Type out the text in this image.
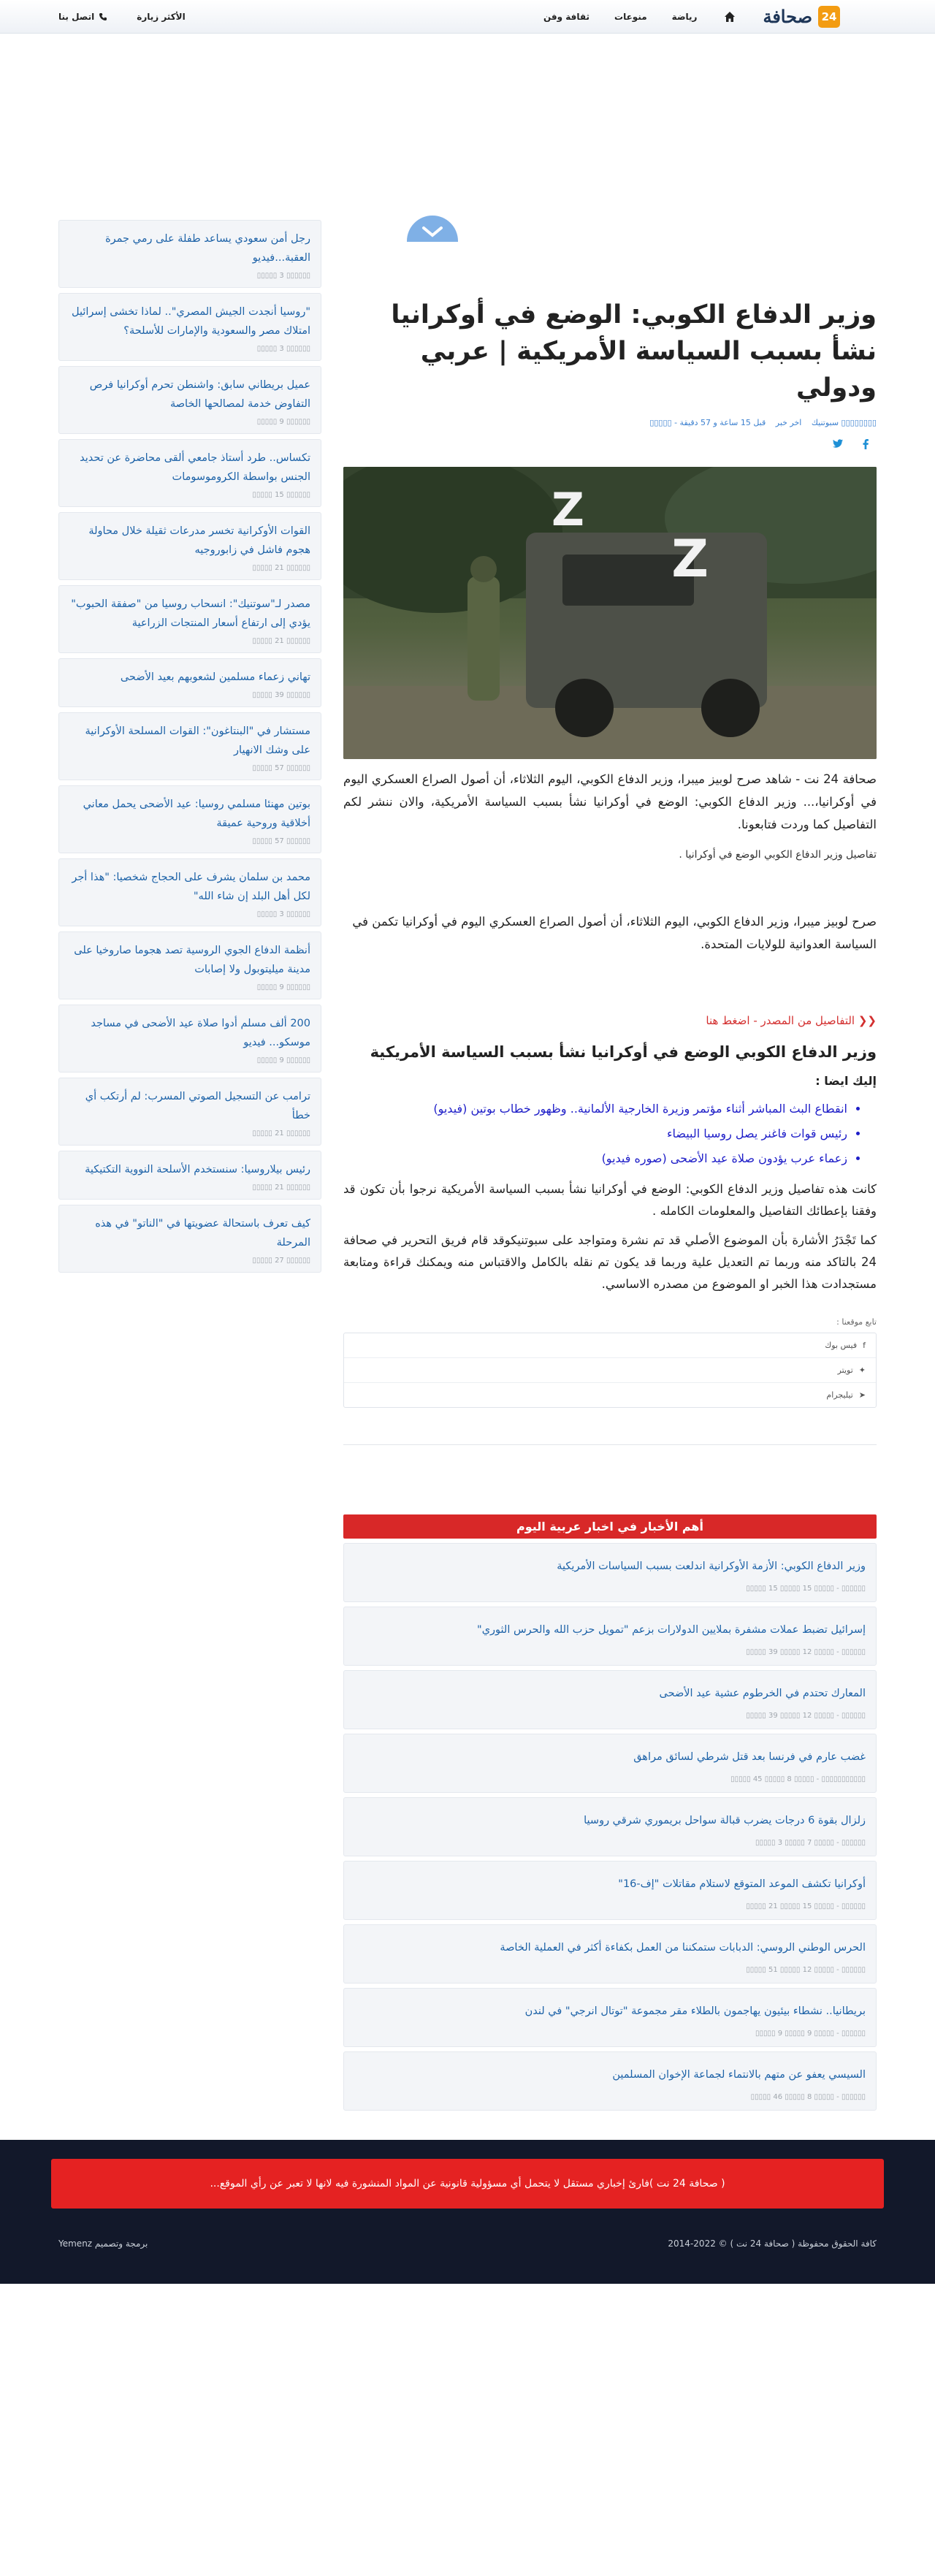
24
صحافة
رياضة
منوعات
ثقافة وفن
الأكثر زيارة
اتصل بنا
وزير الدفاع الكوبي: الوضع في أوكرانيا نشأ بسبب السياسة الأمريكية | عربي ودولي
▯▯▯▯▯▯▯▯ سبوتنيك اخر خبر قبل 15 ساعة و 57 دقيقة - ▯▯▯▯▯
Z
Z

صحافة 24 نت - شاهد صرح لوبيز ميبرا، وزير الدفاع الكوبي، اليوم الثلاثاء، أن أصول الصراع العسكري اليوم في أوكرانيا،... وزير الدفاع الكوبي: الوضع في أوكرانيا نشأ بسبب السياسة الأمريكية، والان ننشر لكم التفاصيل كما وردت فتابعونا.

تفاصيل وزير الدفاع الكوبي الوضع في أوكرانيا .

صرح لوبيز ميبرا، وزير الدفاع الكوبي، اليوم الثلاثاء، أن أصول الصراع العسكري اليوم في أوكرانيا تكمن في السياسة العدوانية للولايات المتحدة.

❮❮ التفاصيل من المصدر - اضغط هنا
وزير الدفاع الكوبي الوضع في أوكرانيا نشأ بسبب السياسة الأمريكية

إليك ايضا :

• انقطاع البث المباشر أثناء مؤتمر وزيرة الخارجية الألمانية.. وظهور خطاب بوتين (فيديو)
• رئيس قوات فاغنر يصل روسيا البيضاء
• زعماء عرب يؤدون صلاة عيد الأضحى (صوره فيديو)

كانت هذه تفاصيل وزير الدفاع الكوبي: الوضع في أوكرانيا نشأ بسبب السياسة الأمريكية نرجوا بأن تكون قد وفقنا بإعطائك التفاصيل والمعلومات الكامله .

كما تَجْدَرُ الأشارة بأن الموضوع الأصلي قد تم نشرة ومتواجد على سبوتنيكوقد قام فريق التحرير في صحافة 24 بالتاكد منه وربما تم التعديل علية وربما قد يكون تم نقله بالكامل والاقتباس منه ويمكنك قراءة ومتابعة مستجدادت هذا الخبر او الموضوع من مصدره الاساسي.

تابع موقعنا :

f
فيس بوك
✦
تويتر
➤
تيليجرام
أهم الأخبار في اخبار عربية اليوم
وزير الدفاع الكوبي: الأزمة الأوكرانية اندلعت بسبب السياسات الأمريكية
▯▯▯▯▯▯ - ▯▯▯▯▯ 15 ▯▯▯▯▯ 15 ▯▯▯▯▯
إسرائيل تضبط عملات مشفرة بملايين الدولارات بزعم "تمويل حزب الله والحرس الثوري"
▯▯▯▯▯▯ - ▯▯▯▯▯ 12 ▯▯▯▯▯ 39 ▯▯▯▯▯
المعارك تحتدم في الخرطوم عشية عيد الأضحى
▯▯▯▯▯▯ - ▯▯▯▯▯ 12 ▯▯▯▯▯ 39 ▯▯▯▯▯
غضب عارم في فرنسا بعد قتل شرطي لسائق مراهق
▯▯▯▯▯▯▯▯▯▯▯ - ▯▯▯▯▯ 8 ▯▯▯▯▯ 45 ▯▯▯▯▯
زلزال بقوة 6 درجات يضرب قبالة سواحل بريموري شرقي روسيا
▯▯▯▯▯▯ - ▯▯▯▯▯ 7 ▯▯▯▯▯ 3 ▯▯▯▯▯
أوكرانيا تكشف الموعد المتوقع لاستلام مقاتلات "إف-16"
▯▯▯▯▯▯ - ▯▯▯▯▯ 15 ▯▯▯▯▯ 21 ▯▯▯▯▯
الحرس الوطني الروسي: الدبابات ستمكننا من العمل بكفاءة أكثر في العملية الخاصة
▯▯▯▯▯▯ - ▯▯▯▯▯ 12 ▯▯▯▯▯ 51 ▯▯▯▯▯
بريطانيا.. نشطاء بيئيون يهاجمون بالطلاء مقر مجموعة "توتال انرجي" في لندن
▯▯▯▯▯▯ - ▯▯▯▯▯ 9 ▯▯▯▯▯ 9 ▯▯▯▯▯
السيسي يعفو عن متهم بالانتماء لجماعة الإخوان المسلمين
▯▯▯▯▯▯ - ▯▯▯▯▯ 8 ▯▯▯▯▯ 46 ▯▯▯▯▯
رجل أمن سعودي يساعد طفلة على رمي جمرة العقبة...فيديو
▯▯▯▯▯▯ 3 ▯▯▯▯▯
"روسيا أنجدت الجيش المصري".. لماذا تخشى إسرائيل امتلاك مصر والسعودية والإمارات للأسلحة؟
▯▯▯▯▯▯ 3 ▯▯▯▯▯
عميل بريطاني سابق: واشنطن تحرم أوكرانيا فرص التفاوض خدمة لمصالحها الخاصة
▯▯▯▯▯▯ 9 ▯▯▯▯▯
تكساس.. طرد أستاذ جامعي ألقى محاضرة عن تحديد الجنس بواسطة الكروموسومات
▯▯▯▯▯▯ 15 ▯▯▯▯▯
القوات الأوكرانية تخسر مدرعات ثقيلة خلال محاولة هجوم فاشل في زابوروجيه
▯▯▯▯▯▯ 21 ▯▯▯▯▯
مصدر لـ"سوتنيك": انسحاب روسيا من "صفقة الحبوب" يؤدي إلى ارتفاع أسعار المنتجات الزراعية
▯▯▯▯▯▯ 21 ▯▯▯▯▯
تهاني زعماء مسلمين لشعوبهم بعيد الأضحى
▯▯▯▯▯▯ 39 ▯▯▯▯▯
مستشار في "البنتاغون": القوات المسلحة الأوكرانية على وشك الانهيار
▯▯▯▯▯▯ 57 ▯▯▯▯▯
بوتين مهنئا مسلمي روسيا: عيد الأضحى يحمل معاني أخلاقية وروحية عميقة
▯▯▯▯▯▯ 57 ▯▯▯▯▯
محمد بن سلمان يشرف على الحجاج شخصيا: "هذا أجر لكل أهل البلد إن شاء الله"
▯▯▯▯▯▯ 3 ▯▯▯▯▯
أنظمة الدفاع الجوي الروسية تصد هجوما صاروخيا على مدينة ميليتوبول ولا إصابات
▯▯▯▯▯▯ 9 ▯▯▯▯▯
200 ألف مسلم أدوا صلاة عيد الأضحى في مساجد موسكو... فيديو
▯▯▯▯▯▯ 9 ▯▯▯▯▯
ترامب عن التسجيل الصوتي المسرب: لم أرتكب أي خطأ
▯▯▯▯▯▯ 21 ▯▯▯▯▯
رئيس بيلاروسيا: سنستخدم الأسلحة النووية التكتيكية
▯▯▯▯▯▯ 21 ▯▯▯▯▯
كيف تعرف باستحالة عضويتها في "الناتو" في هذه المرحلة
▯▯▯▯▯▯ 27 ▯▯▯▯▯
( صحافة 24 نت )فارئ إخباري مستقل لا يتحمل أي مسؤولية قانونية عن المواد المنشورة فيه لانها لا تعبر عن رأي الموقع...
كافة الحقوق محفوظة ( صحافة 24 نت ) © 2022-2014
برمجة وتصميم Yemenz
